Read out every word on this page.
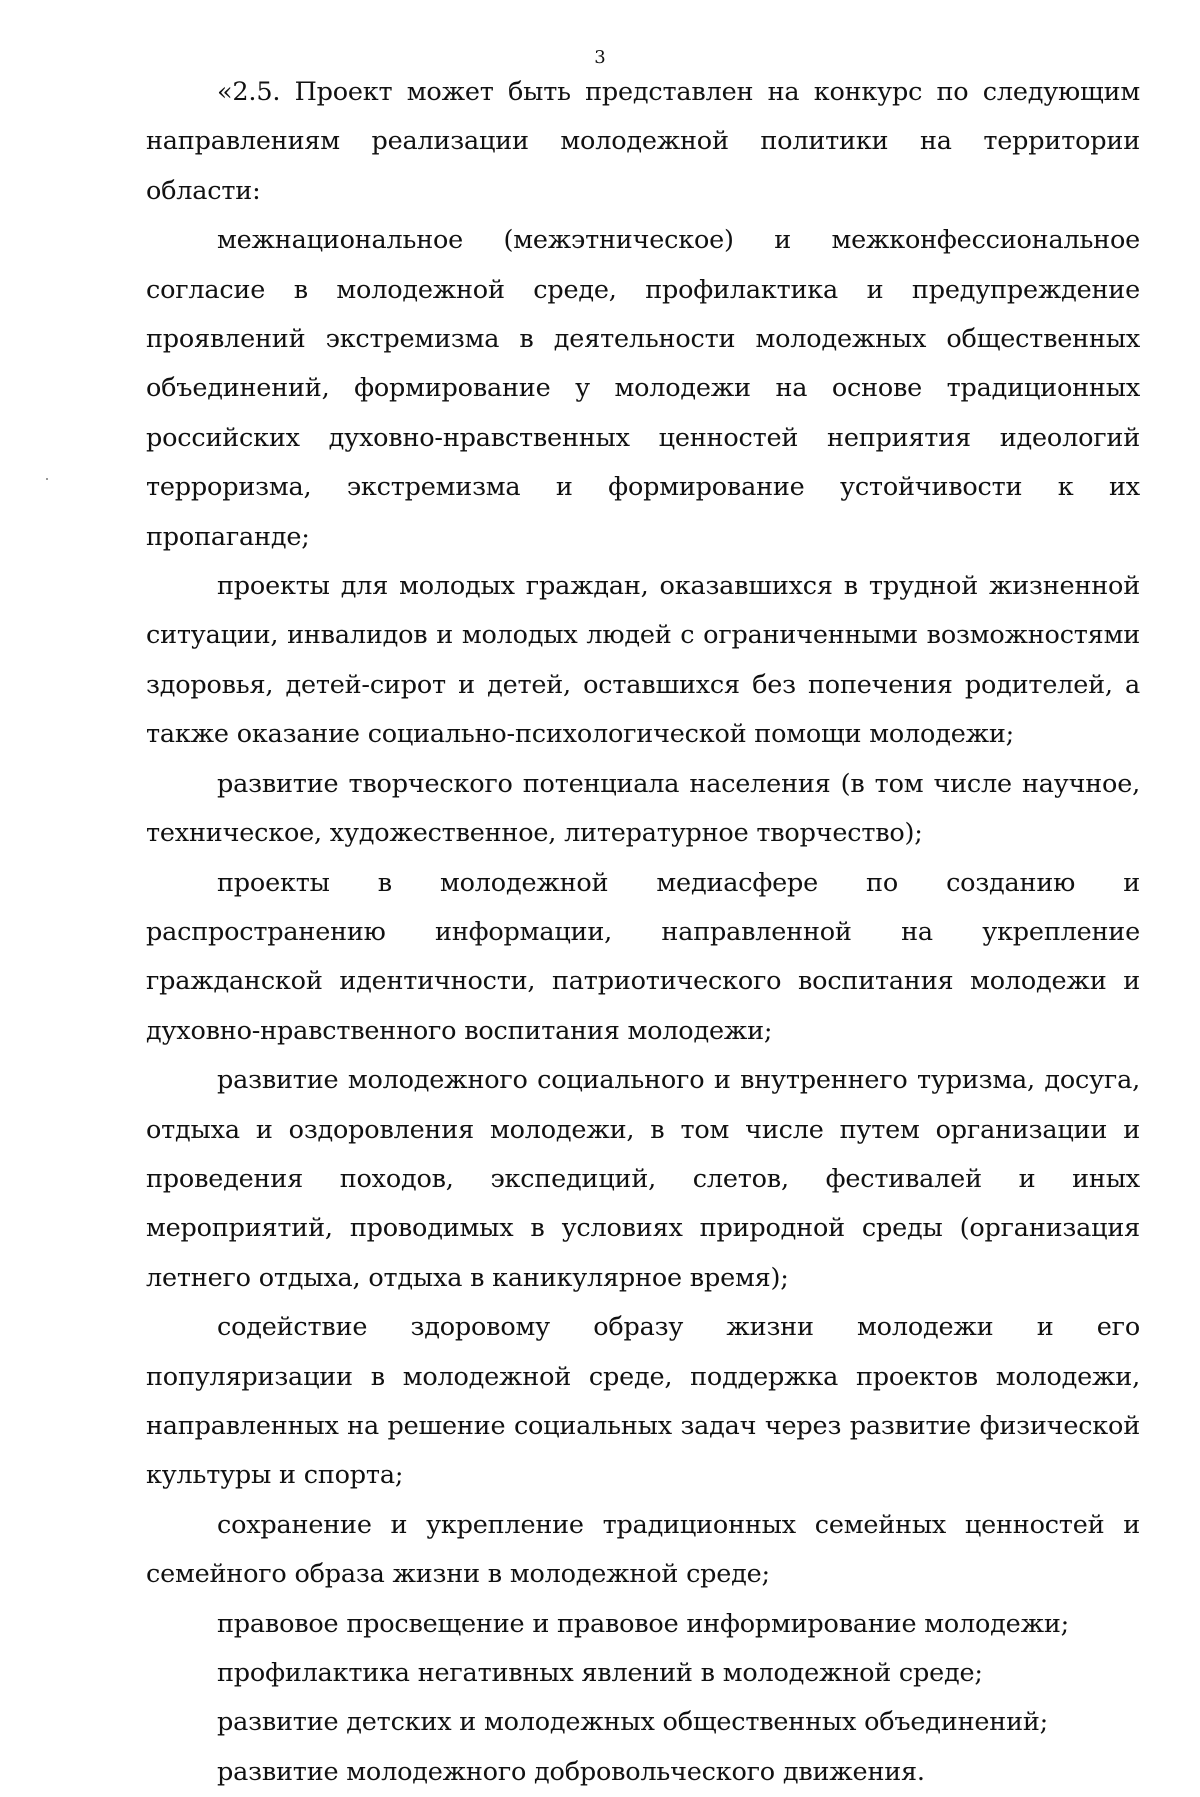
3

«2.5. Проект может быть представлен на конкурс по следующим направлениям реализации молодежной политики на территории области:

межнациональное (межэтническое) и межконфессиональное согласие в молодежной среде, профилактика и предупреждение проявлений экстремизма в деятельности молодежных общественных объединений, формирование у молодежи на основе традиционных российских духовно-нравственных ценностей неприятия идеологий терроризма, экстремизма и формирование устойчивости к их пропаганде;

проекты для молодых граждан, оказавшихся в трудной жизненной ситуации, инвалидов и молодых людей с ограниченными возможностями здоровья, детей-сирот и детей, оставшихся без попечения родителей, а также оказание социально-психологической помощи молодежи;

развитие творческого потенциала населения (в том числе научное, техническое, художественное, литературное творчество);

проекты в молодежной медиасфере по созданию и распространению информации, направленной на укрепление гражданской идентичности, патриотического воспитания молодежи и духовно-нравственного воспитания молодежи;

развитие молодежного социального и внутреннего туризма, досуга, отдыха и оздоровления молодежи, в том числе путем организации и проведения походов, экспедиций, слетов, фестивалей и иных мероприятий, проводимых в условиях природной среды (организация летнего отдыха, отдыха в каникулярное время);

содействие здоровому образу жизни молодежи и его популяризации в молодежной среде, поддержка проектов молодежи, направленных на решение социальных задач через развитие физической культуры и спорта;

сохранение и укрепление традиционных семейных ценностей и семейного образа жизни в молодежной среде;

правовое просвещение и правовое информирование молодежи;

профилактика негативных явлений в молодежной среде;

развитие детских и молодежных общественных объединений;

развитие молодежного добровольческого движения.
